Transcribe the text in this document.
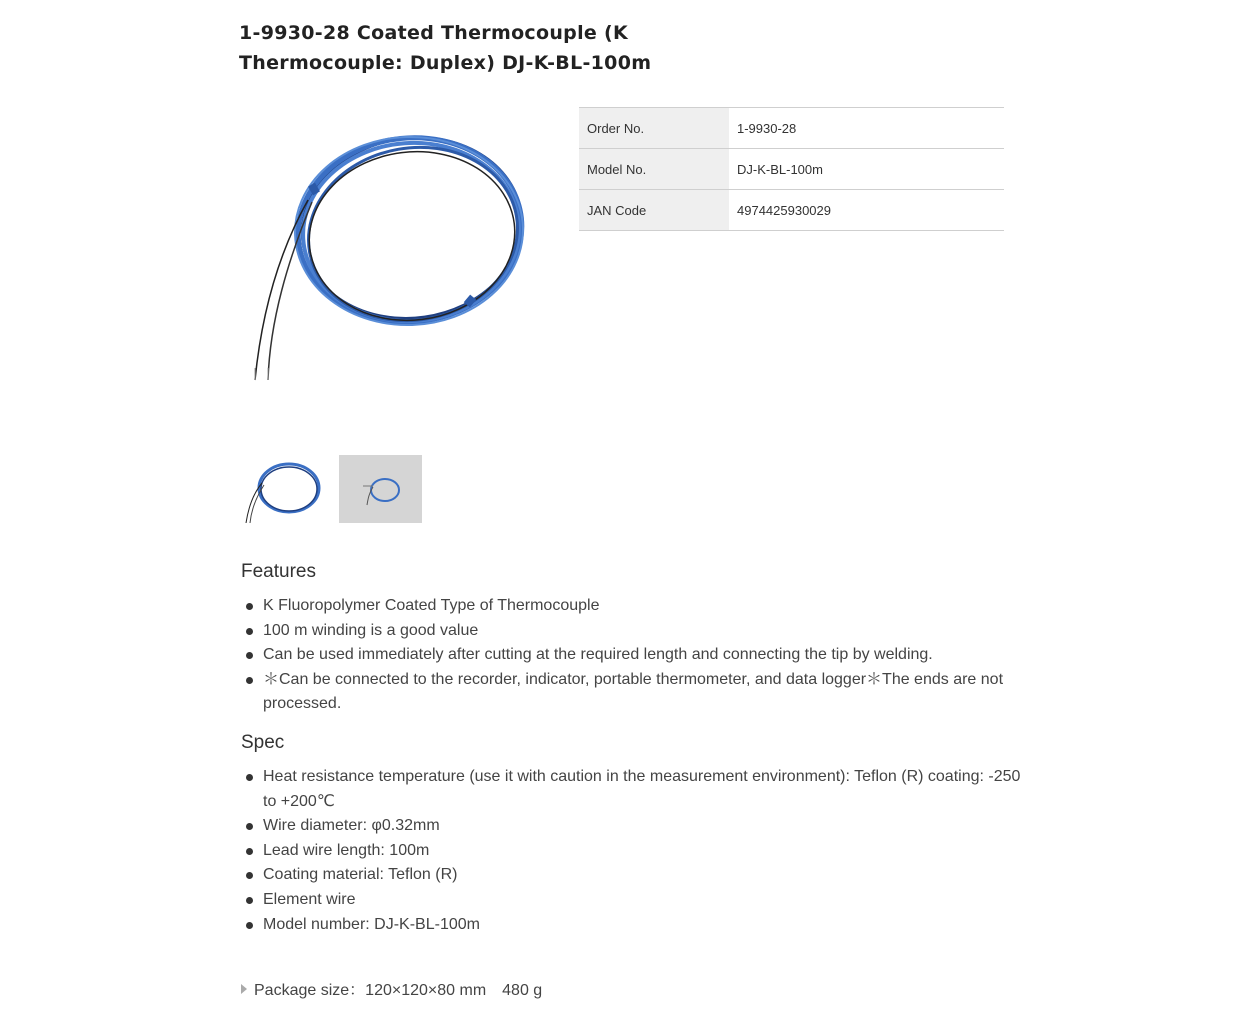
1-9930-28 Coated Thermocouple (K
Thermocouple: Duplex) DJ-K-BL-100m
Order No.	1-9930-28
Model No.	DJ-K-BL-100m
JAN Code	4974425930029
Features
K Fluoropolymer Coated Type of Thermocouple
100 m winding is a good value
Can be used immediately after cutting at the required length and connecting the tip by welding.
＊Can be connected to the recorder, indicator, portable thermometer, and data logger＊The ends are not processed.
Spec
Heat resistance temperature (use it with caution in the measurement environment): Teflon (R) coating: -250 to +200℃
Wire diameter: φ0.32mm
Lead wire length: 100m
Coating material: Teflon (R)
Element wire
Model number: DJ-K-BL-100m
Package size：120×120×80 mm　480 g
